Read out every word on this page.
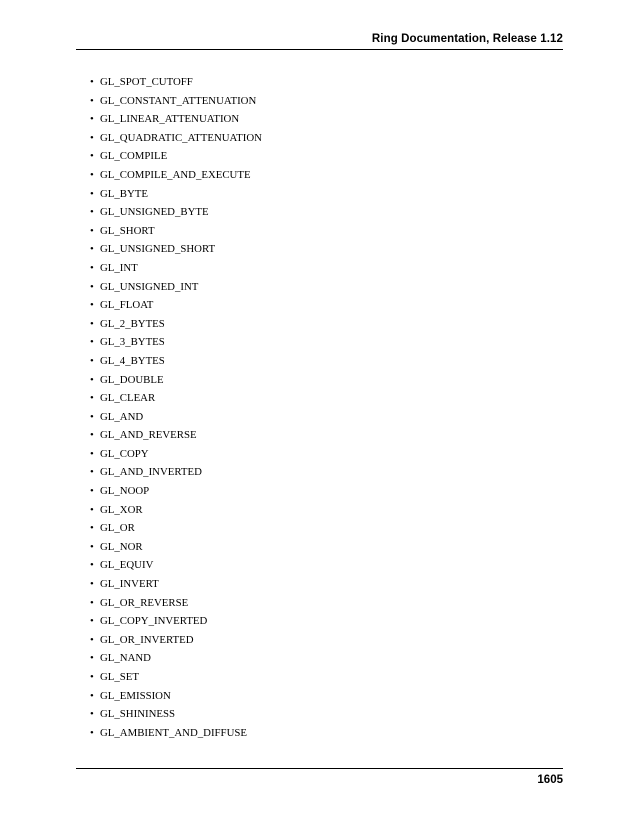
Ring Documentation, Release 1.12
• GL_SPOT_CUTOFF
• GL_CONSTANT_ATTENUATION
• GL_LINEAR_ATTENUATION
• GL_QUADRATIC_ATTENUATION
• GL_COMPILE
• GL_COMPILE_AND_EXECUTE
• GL_BYTE
• GL_UNSIGNED_BYTE
• GL_SHORT
• GL_UNSIGNED_SHORT
• GL_INT
• GL_UNSIGNED_INT
• GL_FLOAT
• GL_2_BYTES
• GL_3_BYTES
• GL_4_BYTES
• GL_DOUBLE
• GL_CLEAR
• GL_AND
• GL_AND_REVERSE
• GL_COPY
• GL_AND_INVERTED
• GL_NOOP
• GL_XOR
• GL_OR
• GL_NOR
• GL_EQUIV
• GL_INVERT
• GL_OR_REVERSE
• GL_COPY_INVERTED
• GL_OR_INVERTED
• GL_NAND
• GL_SET
• GL_EMISSION
• GL_SHININESS
• GL_AMBIENT_AND_DIFFUSE
1605
